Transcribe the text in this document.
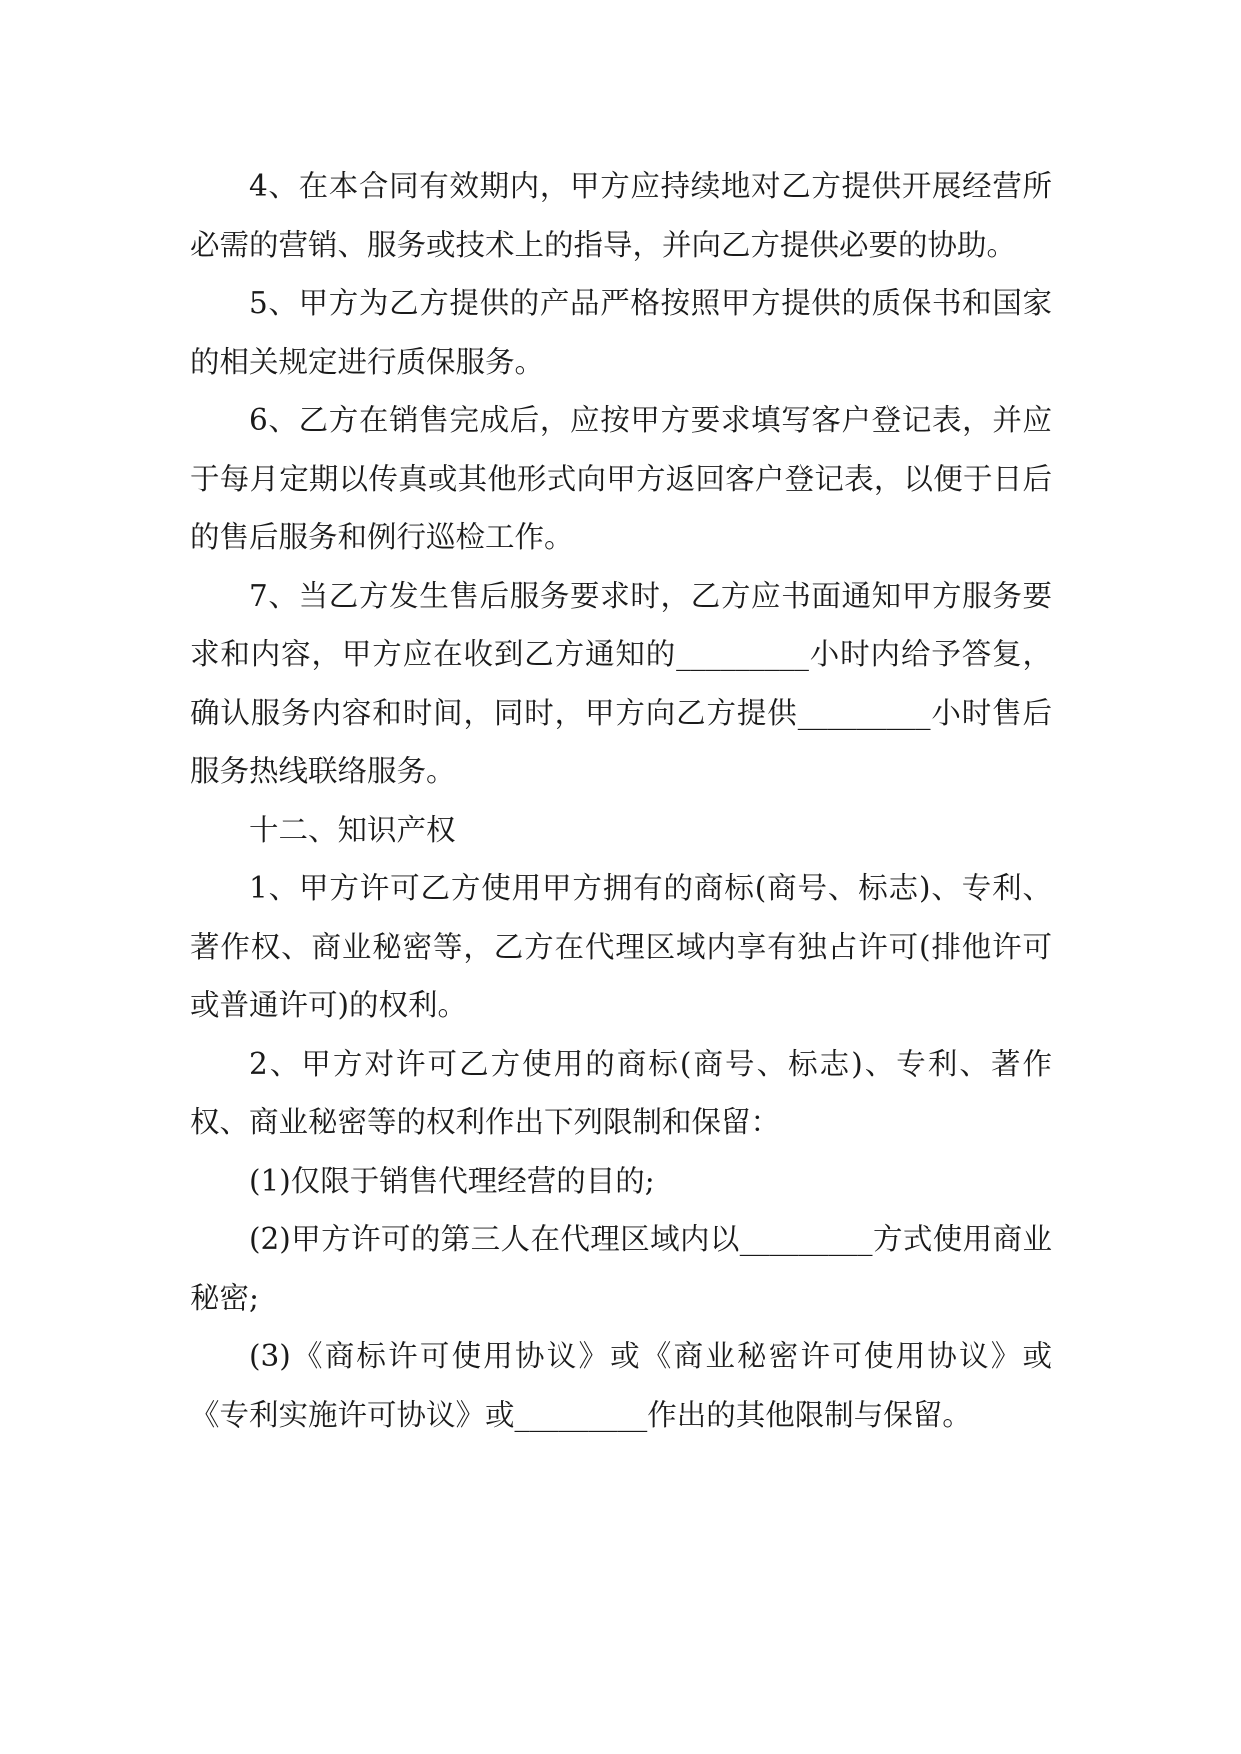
4、在本合同有效期内，甲方应持续地对乙方提供开展经营所必需的营销、服务或技术上的指导，并向乙方提供必要的协助。

5、甲方为乙方提供的产品严格按照甲方提供的质保书和国家的相关规定进行质保服务。

6、乙方在销售完成后，应按甲方要求填写客户登记表，并应于每月定期以传真或其他形式向甲方返回客户登记表，以便于日后的售后服务和例行巡检工作。

7、当乙方发生售后服务要求时，乙方应书面通知甲方服务要求和内容，甲方应在收到乙方通知的_________小时内给予答复，确认服务内容和时间，同时，甲方向乙方提供_________小时售后服务热线联络服务。

十二、知识产权

1、甲方许可乙方使用甲方拥有的商标(商号、标志)、专利、著作权、商业秘密等，乙方在代理区域内享有独占许可(排他许可或普通许可)的权利。

2、甲方对许可乙方使用的商标(商号、标志)、专利、著作权、商业秘密等的权利作出下列限制和保留：

(1)仅限于销售代理经营的目的;

(2)甲方许可的第三人在代理区域内以_________方式使用商业秘密;

(3)《商标许可使用协议》或《商业秘密许可使用协议》或《专利实施许可协议》或_________作出的其他限制与保留。
